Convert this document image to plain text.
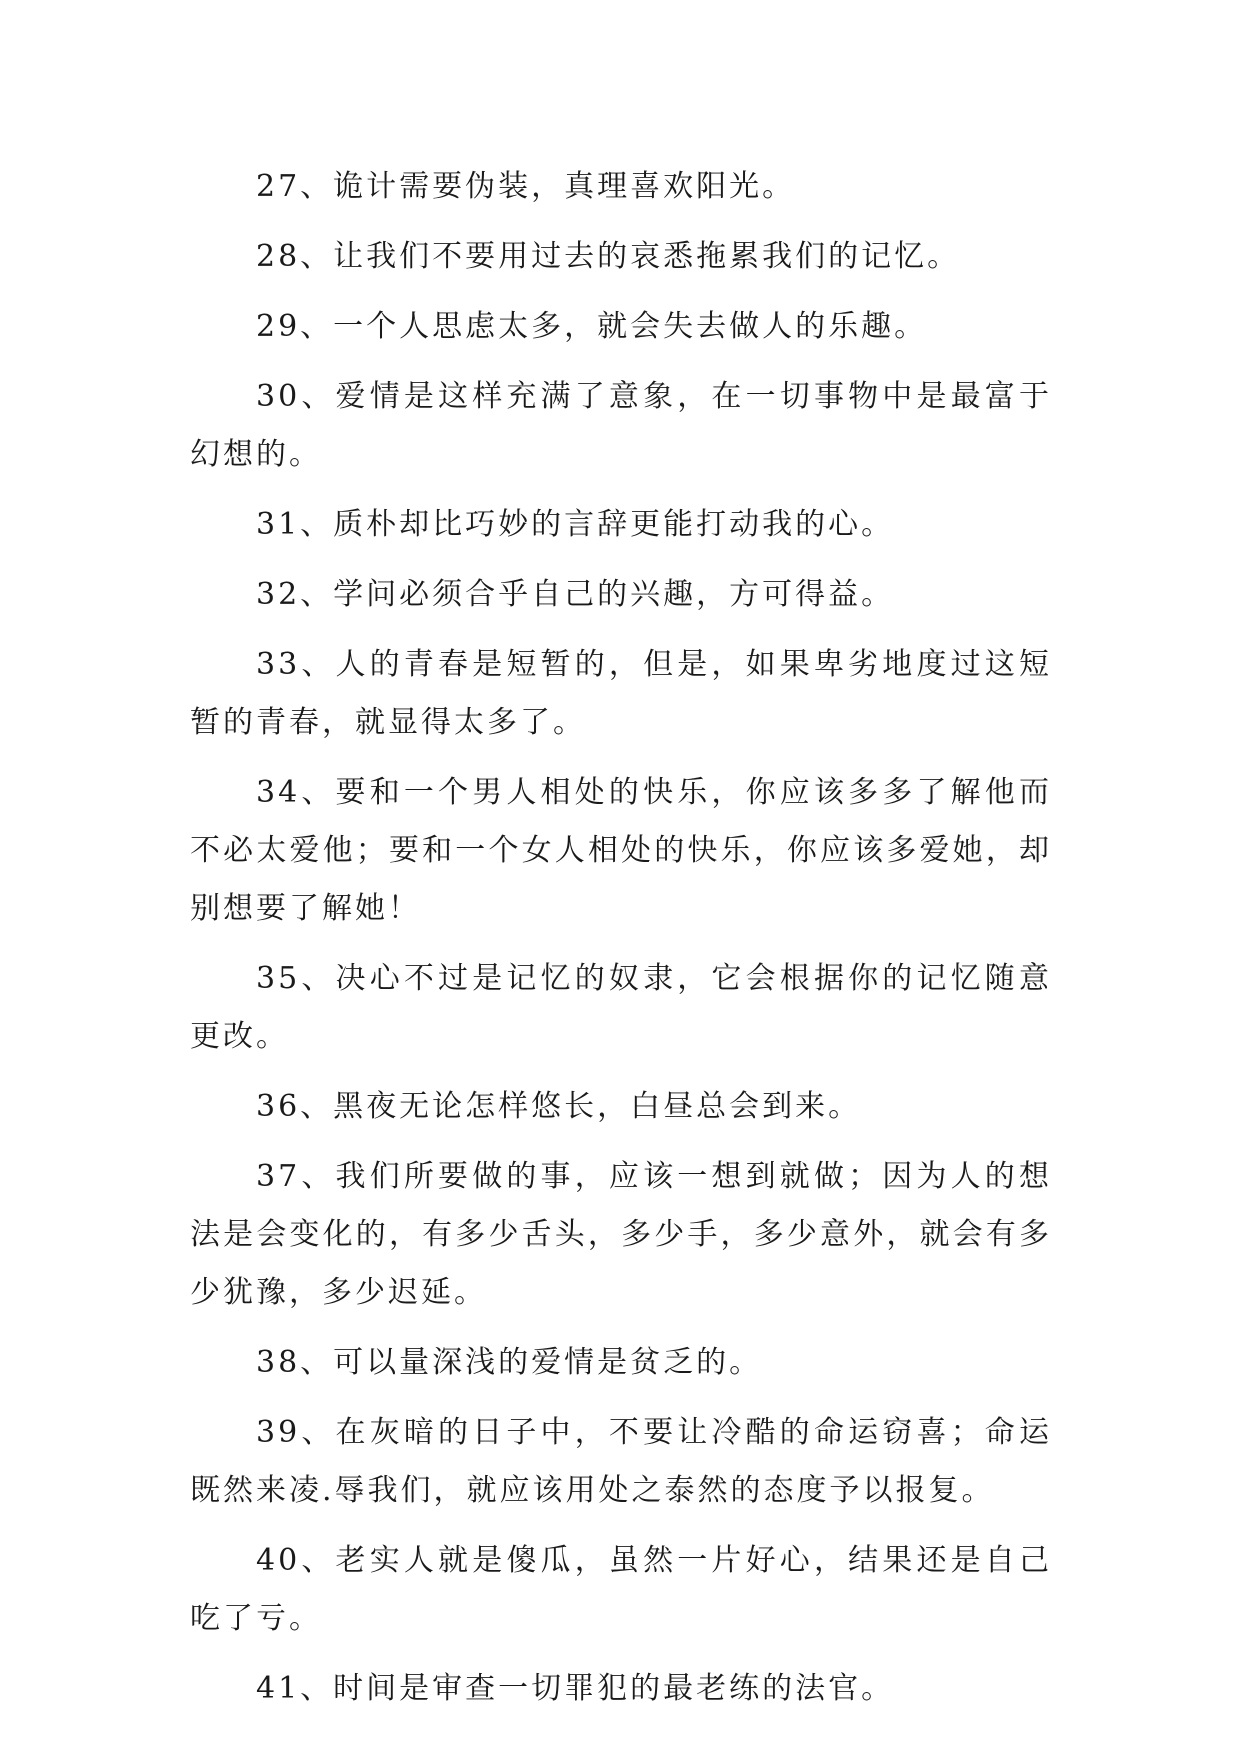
27、诡计需要伪装，真理喜欢阳光。

28、让我们不要用过去的哀悉拖累我们的记忆。

29、一个人思虑太多，就会失去做人的乐趣。

30、爱情是这样充满了意象，在一切事物中是最富于幻想的。

31、质朴却比巧妙的言辞更能打动我的心。

32、学问必须合乎自己的兴趣，方可得益。

33、人的青春是短暂的，但是，如果卑劣地度过这短暂的青春，就显得太多了。

34、要和一个男人相处的快乐，你应该多多了解他而不必太爱他；要和一个女人相处的快乐，你应该多爱她，却别想要了解她！

35、决心不过是记忆的奴隶，它会根据你的记忆随意更改。

36、黑夜无论怎样悠长，白昼总会到来。

37、我们所要做的事，应该一想到就做；因为人的想法是会变化的，有多少舌头，多少手，多少意外，就会有多少犹豫，多少迟延。

38、可以量深浅的爱情是贫乏的。

39、在灰暗的日子中，不要让冷酷的命运窃喜；命运既然来凌.辱我们，就应该用处之泰然的态度予以报复。

40、老实人就是傻瓜，虽然一片好心，结果还是自己吃了亏。

41、时间是审查一切罪犯的最老练的法官。
